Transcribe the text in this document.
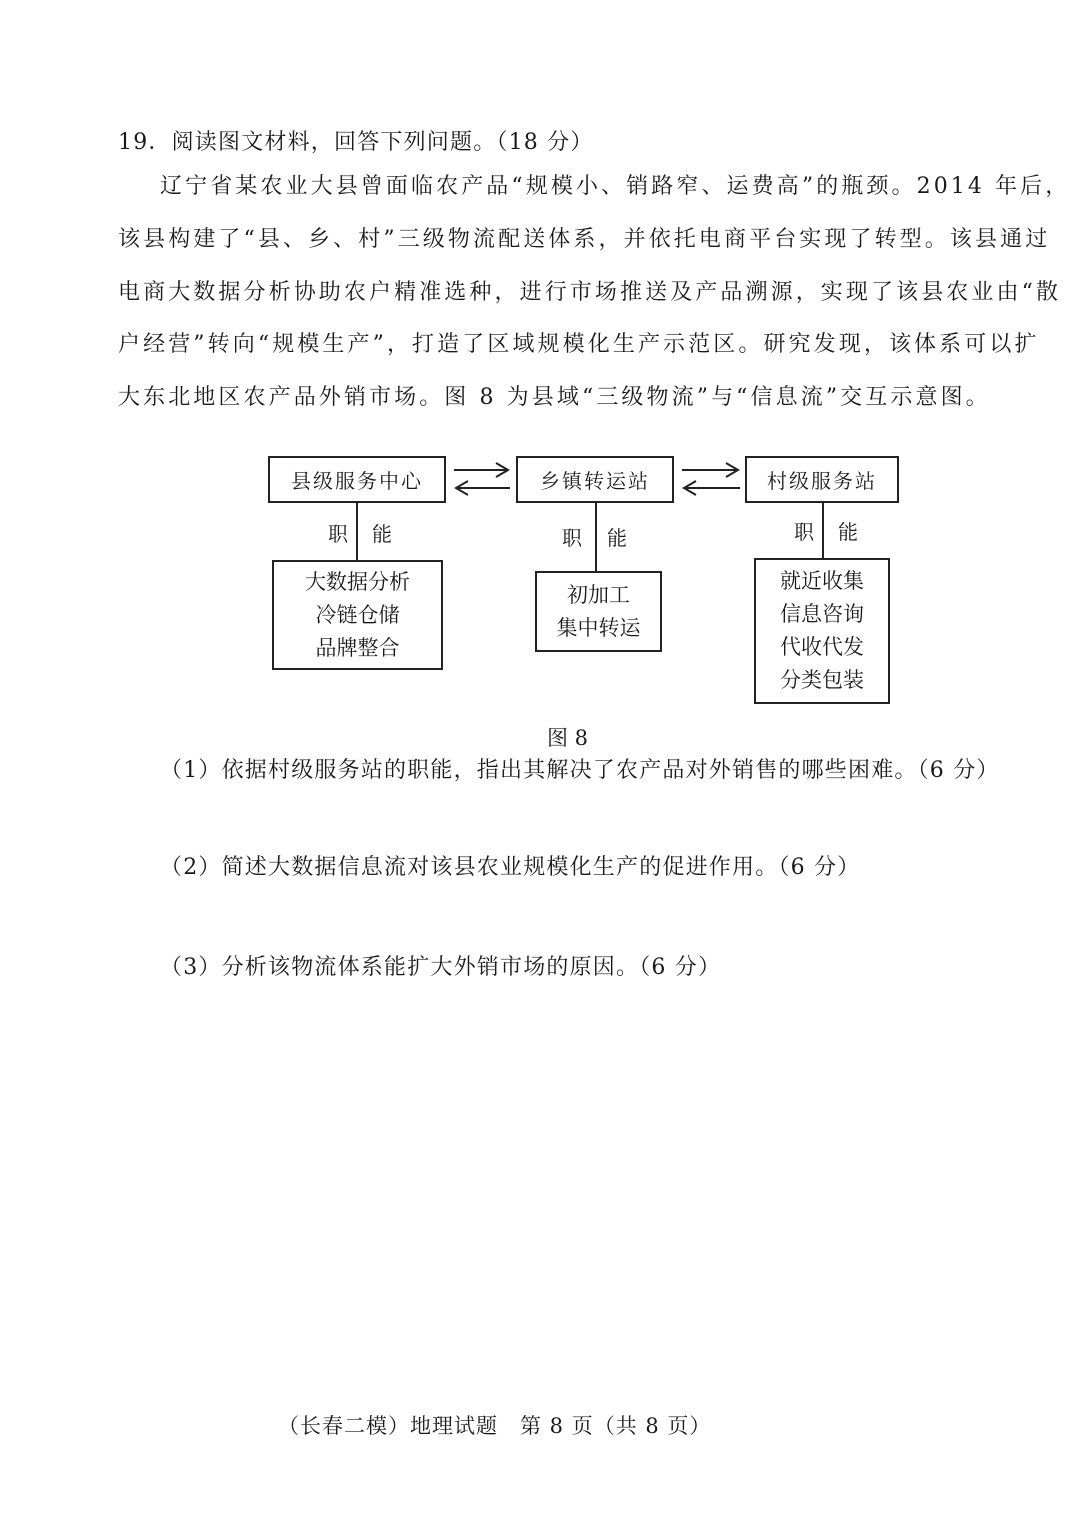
19．阅读图文材料，回答下列问题。（18 分）
辽宁省某农业大县曾面临农产品“规模小、销路窄、运费高”的瓶颈。2014 年后，
该县构建了“县、乡、村”三级物流配送体系，并依托电商平台实现了转型。该县通过
电商大数据分析协助农户精准选种，进行市场推送及产品溯源，实现了该县农业由“散
户经营”转向“规模生产”，打造了区域规模化生产示范区。研究发现，该体系可以扩
大东北地区农产品外销市场。图 8 为县域“三级物流”与“信息流”交互示意图。
县级服务中心	乡镇转运站	村级服务站
职 能	职 能	职 能
大数据分析
冷链仓储
品牌整合
初加工
集中转运
就近收集
信息咨询
代收代发
分类包装
图 8
（1）依据村级服务站的职能，指出其解决了农产品对外销售的哪些困难。（6 分）
（2）简述大数据信息流对该县农业规模化生产的促进作用。（6 分）
（3）分析该物流体系能扩大外销市场的原因。（6 分）
（长春二模）地理试题　第 8 页（共 8 页）
